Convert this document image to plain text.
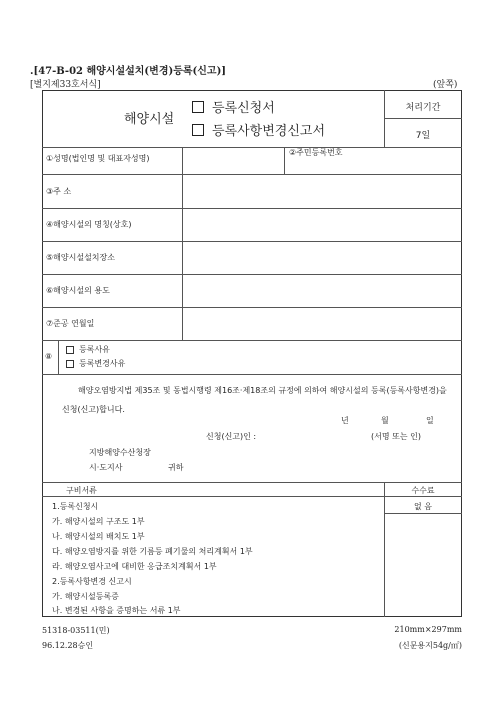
.[47-B-02 해양시설설치(변경)등록(신고)]
[별지제33호서식]	(앞쪽)
해양시설
등록신청서
등록사항변경신고서
처리기간
7일
①성명(법인명 및 대표자성명)
②주민등록번호
③주 소
④해양시설의 명칭(상호)
⑤해양시설설치장소
⑥해양시설의 용도
⑦준공 연월일
⑧
등록사유
등록변경사유
해양오염방지법 제35조 및 동법시행령 제16조·제18조의 규정에 의하여 해양시설의 등록(등록사항변경)을 신청(신고)합니다.
년	월	일
신청(신고)인 :	(서명 또는 인)
지방해양수산청장
시·도지사	귀하
구비서류	수수료
없 음
1.등록신청시
가. 해양시설의 구조도 1부
나. 해양시설의 배치도 1부
다. 해양오염방지를 위한 기름등 폐기물의 처리계획서 1부
라. 해양오염사고에 대비한 응급조치계획서 1부
2.등록사항변경 신고시
가. 해양시설등록증
나. 변경된 사항을 증명하는 서류 1부
51318-03511(민)
96.12.28승인
210mm×297mm
(신문용지54g/㎡)
